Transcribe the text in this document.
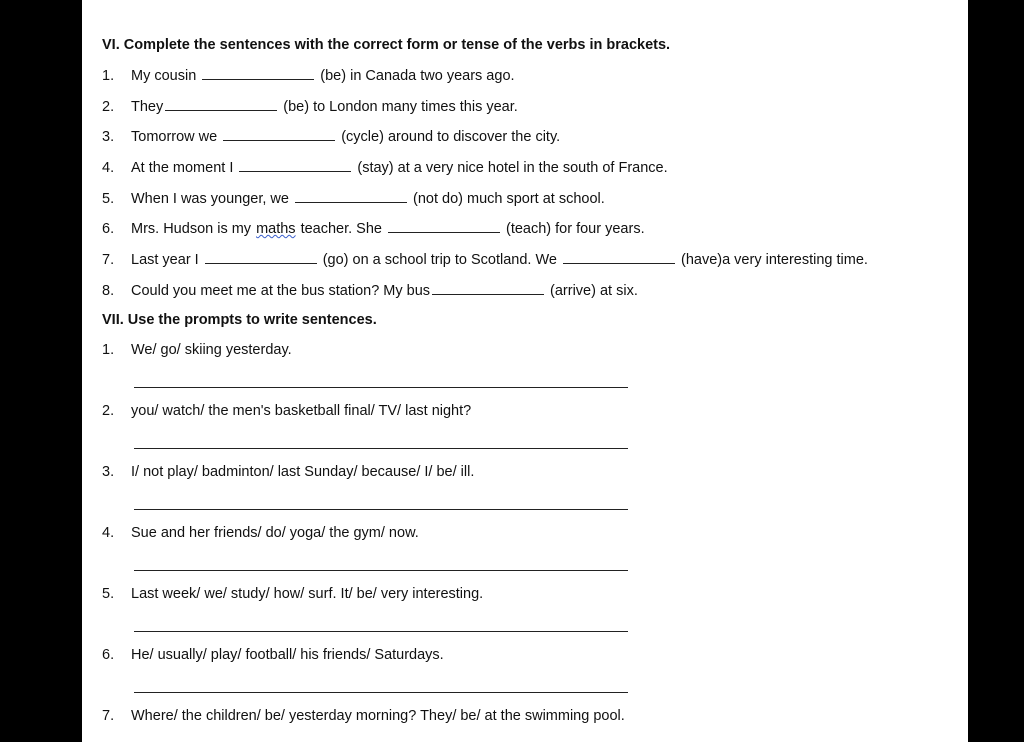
VI. Complete the sentences with the correct form or tense of the verbs in brackets.
1.	My cousin	(be) in Canada two years ago.
2.	They	(be) to London many times this year.
3.	Tomorrow we	(cycle) around to discover the city.
4.	At the moment I	(stay) at a very nice hotel in the south of France.
5.	When I was younger, we	(not do) much sport at school.
6.	Mrs. Hudson is my maths teacher. She	(teach) for four years.
7.	Last year I	(go) on a school trip to Scotland. We	(have)a very interesting time.
8.	Could you meet me at the bus station? My bus	(arrive) at six.
VII. Use the prompts to write sentences.
1.	We/ go/ skiing yesterday.
2.	you/ watch/ the men's basketball final/ TV/ last night?
3.	I/ not play/ badminton/ last Sunday/ because/ I/ be/ ill.
4.	Sue and her friends/ do/ yoga/ the gym/ now.
5.	Last week/ we/ study/ how/ surf. It/ be/ very interesting.
6.	He/ usually/ play/ football/ his friends/ Saturdays.
7.	Where/ the children/ be/ yesterday morning? They/ be/ at the swimming pool.
